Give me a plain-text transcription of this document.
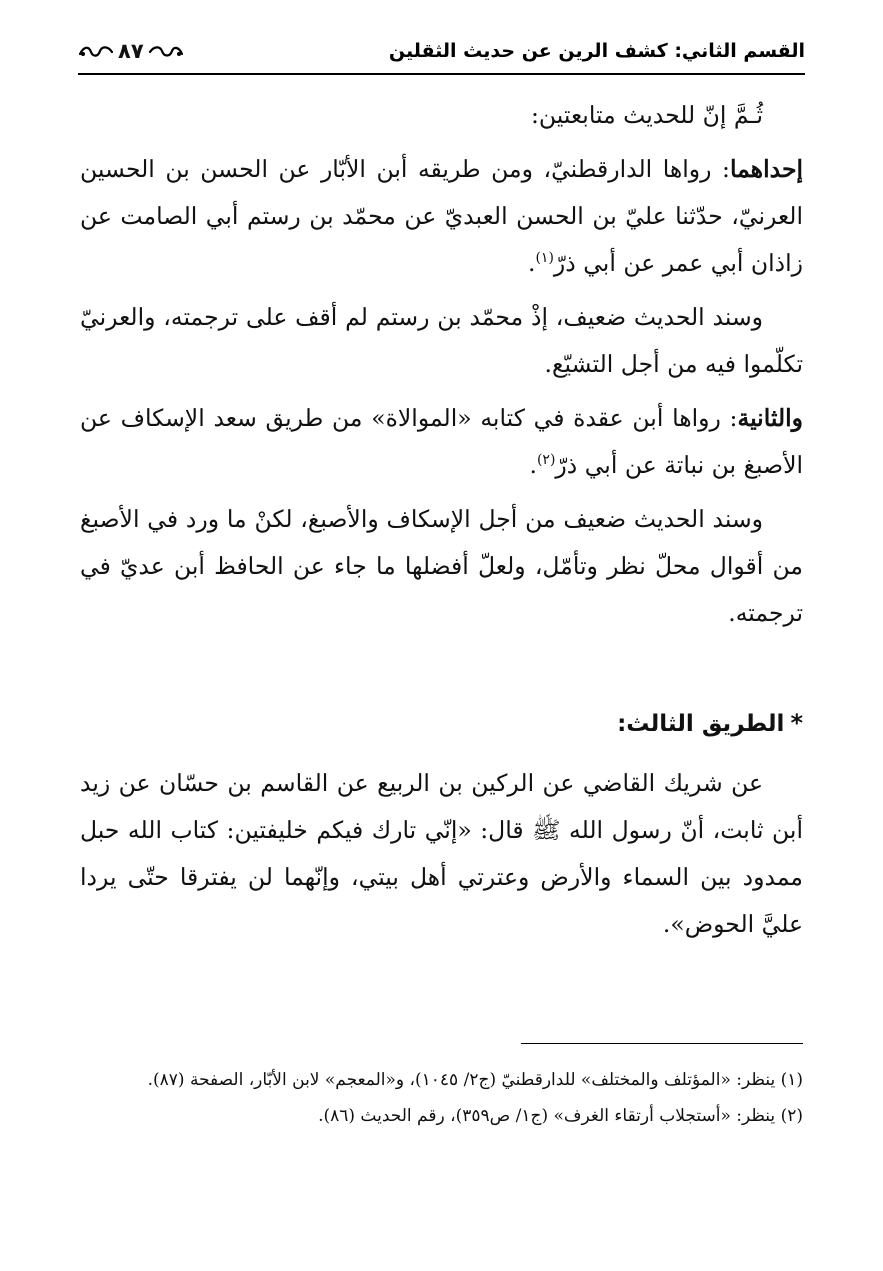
القسم الثاني: كشف الرين عن حديث الثقلين
٨٧

ثُـمَّ إنّ للحديث متابعتين:

إحداهما: رواها الدارقطنيّ، ومن طريقه أبن الأبّار عن الحسن بن الحسين العرنيّ، حدّثنا عليّ بن الحسن العبديّ عن محمّد بن رستم أبي الصامت عن زاذان أبي عمر عن أبي ذرّ$^{(١)}$.

وسند الحديث ضعيف، إذْ محمّد بن رستم لم أقف على ترجمته، والعرنيّ تكلّموا فيه من أجل التشيّع.

والثانية: رواها أبن عقدة في كتابه «الموالاة» من طريق سعد الإسكاف عن الأصبغ بن نباتة عن أبي ذرّ$^{(٢)}$.

وسند الحديث ضعيف من أجل الإسكاف والأصبغ، لكنْ ما ورد في الأصبغ من أقوال محلّ نظر وتأمّل، ولعلّ أفضلها ما جاء عن الحافظ أبن عديّ في ترجمته.

*الطريق الثالث:

عن شريك القاضي عن الركين بن الربيع عن القاسم بن حسّان عن زيد أبن ثابت، أنّ رسول الله ﷺ قال: «إنّي تارك فيكم خليفتين: كتاب الله حبل ممدود بين السماء والأرض وعترتي أهل بيتي، وإنّهما لن يفترقا حتّى يردا عليَّ الحوض».

(١) ينظر: «المؤتلف والمختلف» للدارقطنيّ (ج٢/ ١٠٤٥)، و«المعجم» لابن الأبّار، الصفحة (٨٧).

(٢) ينظر: «أستجلاب أرتقاء الغرف» (ج١/ ص٣٥٩)، رقم الحديث (٨٦).
